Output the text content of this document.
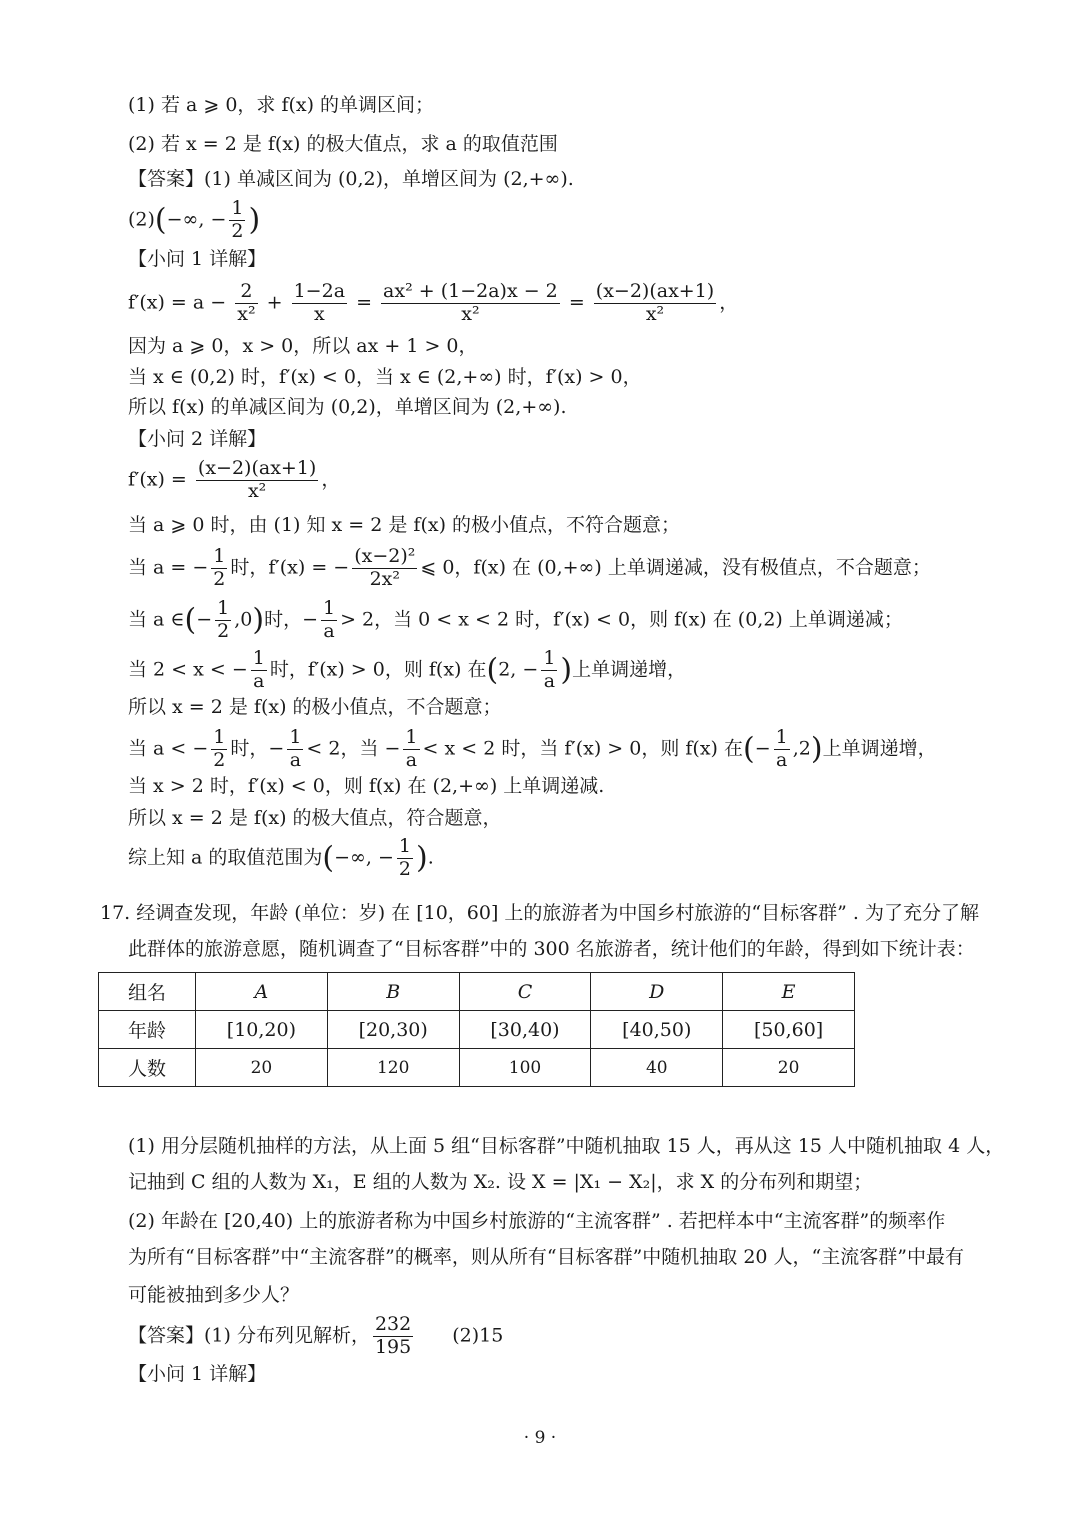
(1) 若 a ⩾ 0，求 f(x) 的单调区间；
(2) 若 x = 2 是 f(x) 的极大值点，求 a 的取值范围
【答案】(1) 单减区间为 (0,2)，单增区间为 (2,+∞).
(2)(−∞, − $\frac{1}{2}$ )
【小问 1 详解】
$f'(x) = a - \frac{2}{\text{x²}} + \frac{1-2a}{x} = \frac{\text{ax² + (1−2a)x − 2}}{\text{x²}} = \frac{(x-2)(ax+1)}{\text{x²}}$ ，
因为 a ⩾ 0，x > 0，所以 ax + 1 > 0，
当 x ∈ (0,2) 时，f′(x) < 0，当 x ∈ (2,+∞) 时，f′(x) > 0，
所以 f(x) 的单减区间为 (0,2)，单增区间为 (2,+∞).
【小问 2 详解】
$f'(x) = \frac{(x-2)(ax+1)}{\text{x²}}$ ，
当 a ⩾ 0 时，由 (1) 知 x = 2 是 f(x) 的极小值点，不符合题意；
当 a = − $\frac{1}{2}$ 时，f′(x) = − $\frac{\text{(x−2)²}}{\text{2x²}}$ ⩽ 0，f(x) 在 (0,+∞) 上单调递减，没有极值点，不合题意；
当 a ∈(− $\frac{1}{2} ,0$)时，− $\frac{1}{a} > 2$，当 0 < x < 2 时，f′(x) < 0，则 f(x) 在 (0,2) 上单调递减；
当 2 < x < − $\frac{1}{a}$ 时，f′(x) > 0，则 f(x) 在(2, − $\frac{1}{a}$ )上单调递增，
所以 x = 2 是 f(x) 的极小值点，不合题意；
当 a < − $\frac{1}{2}$ 时，− $\frac{1}{a} < 2$，当 − $\frac{1}{a} < x < 2$ 时，当 f′(x) > 0，则 f(x) 在(− $\frac{1}{a} ,2$)上单调递增，
当 x > 2 时，f′(x) < 0，则 f(x) 在 (2,+∞) 上单调递减.
所以 x = 2 是 f(x) 的极大值点，符合题意，
综上知 a 的取值范围为(−∞, − $\frac{1}{2}$ ).
17. 经调查发现，年龄 (单位：岁) 在 [10，60] 上的旅游者为中国乡村旅游的“目标客群” . 为了充分了解
此群体的旅游意愿，随机调查了“目标客群”中的 300 名旅游者，统计他们的年龄，得到如下统计表：
组名	A	B	C	D	E
年龄	[10,20)	[20,30)	[30,40)	[40,50)	[50,60]
人数	20	120	100	40	20
(1) 用分层随机抽样的方法，从上面 5 组“目标客群”中随机抽取 15 人，再从这 15 人中随机抽取 4 人，
记抽到 C 组的人数为 X₁，E 组的人数为 X₂. 设 X = |X₁ − X₂|，求 X 的分布列和期望；
(2) 年龄在 [20,40) 上的旅游者称为中国乡村旅游的“主流客群” . 若把样本中“主流客群”的频率作
为所有“目标客群”中“主流客群”的概率，则从所有“目标客群”中随机抽取 20 人，“主流客群”中最有
可能被抽到多少人？
【答案】(1) 分布列见解析， $\frac{232}{195} (2)15$
【小问 1 详解】
· 9 ·
